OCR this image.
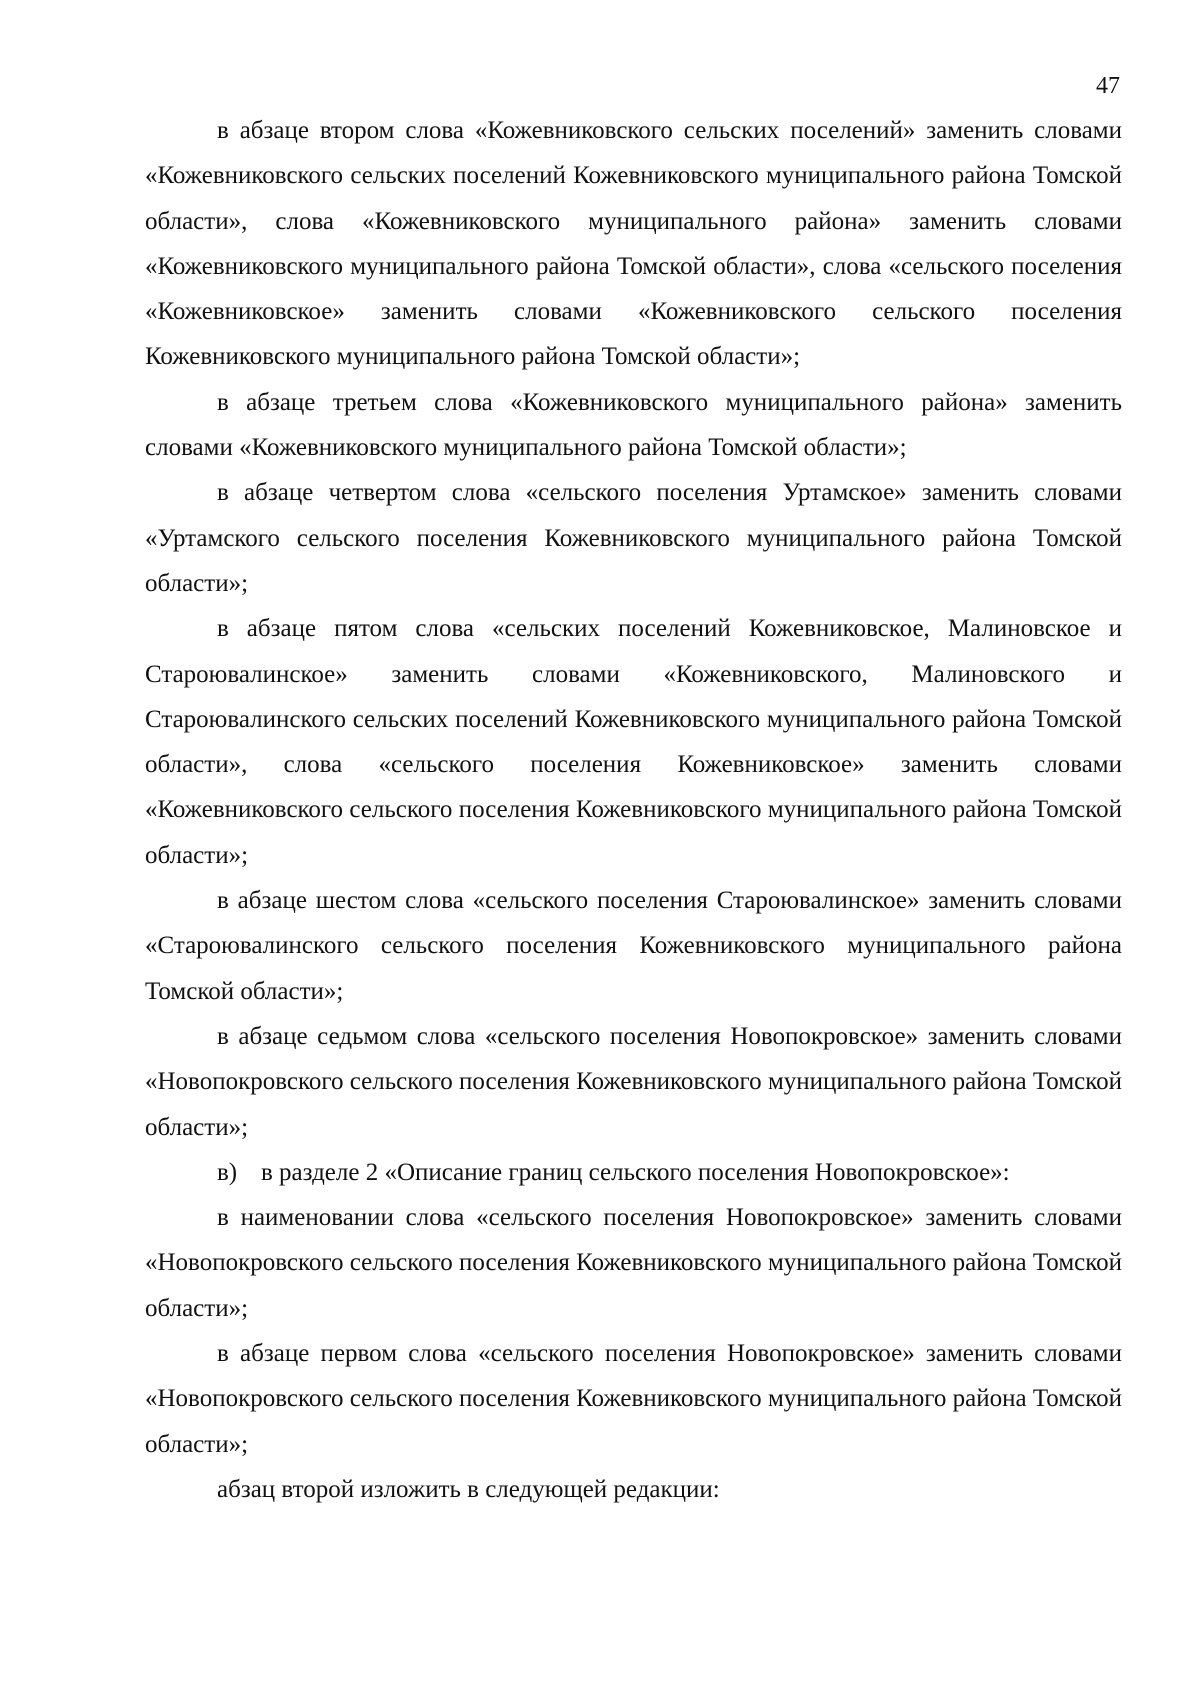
47

в абзаце втором слова «Кожевниковского сельских поселений» заменить словами «Кожевниковского сельских поселений Кожевниковского муниципального района Томской области», слова «Кожевниковского муниципального района» заменить словами «Кожевниковского муниципального района Томской области», слова «сельского поселения «Кожевниковское» заменить словами «Кожевниковского сельского поселения Кожевниковского муниципального района Томской области»;

в абзаце третьем слова «Кожевниковского муниципального района» заменить словами «Кожевниковского муниципального района Томской области»;

в абзаце четвертом слова «сельского поселения Уртамское» заменить словами «Уртамского сельского поселения Кожевниковского муниципального района Томской области»;

в абзаце пятом слова «сельских поселений Кожевниковское, Малиновское и Староювалинское» заменить словами «Кожевниковского, Малиновского и Староювалинского сельских поселений Кожевниковского муниципального района Томской области», слова «сельского поселения Кожевниковское» заменить словами «Кожевниковского сельского поселения Кожевниковского муниципального района Томской области»;

в абзаце шестом слова «сельского поселения Староювалинское» заменить словами «Староювалинского сельского поселения Кожевниковского муниципального района Томской области»;

в абзаце седьмом слова «сельского поселения Новопокровское» заменить словами «Новопокровского сельского поселения Кожевниковского муниципального района Томской области»;

в) в разделе 2 «Описание границ сельского поселения Новопокровское»:

в наименовании слова «сельского поселения Новопокровское» заменить словами «Новопокровского сельского поселения Кожевниковского муниципального района Томской области»;

в абзаце первом слова «сельского поселения Новопокровское» заменить словами «Новопокровского сельского поселения Кожевниковского муниципального района Томской области»;

абзац второй изложить в следующей редакции:
